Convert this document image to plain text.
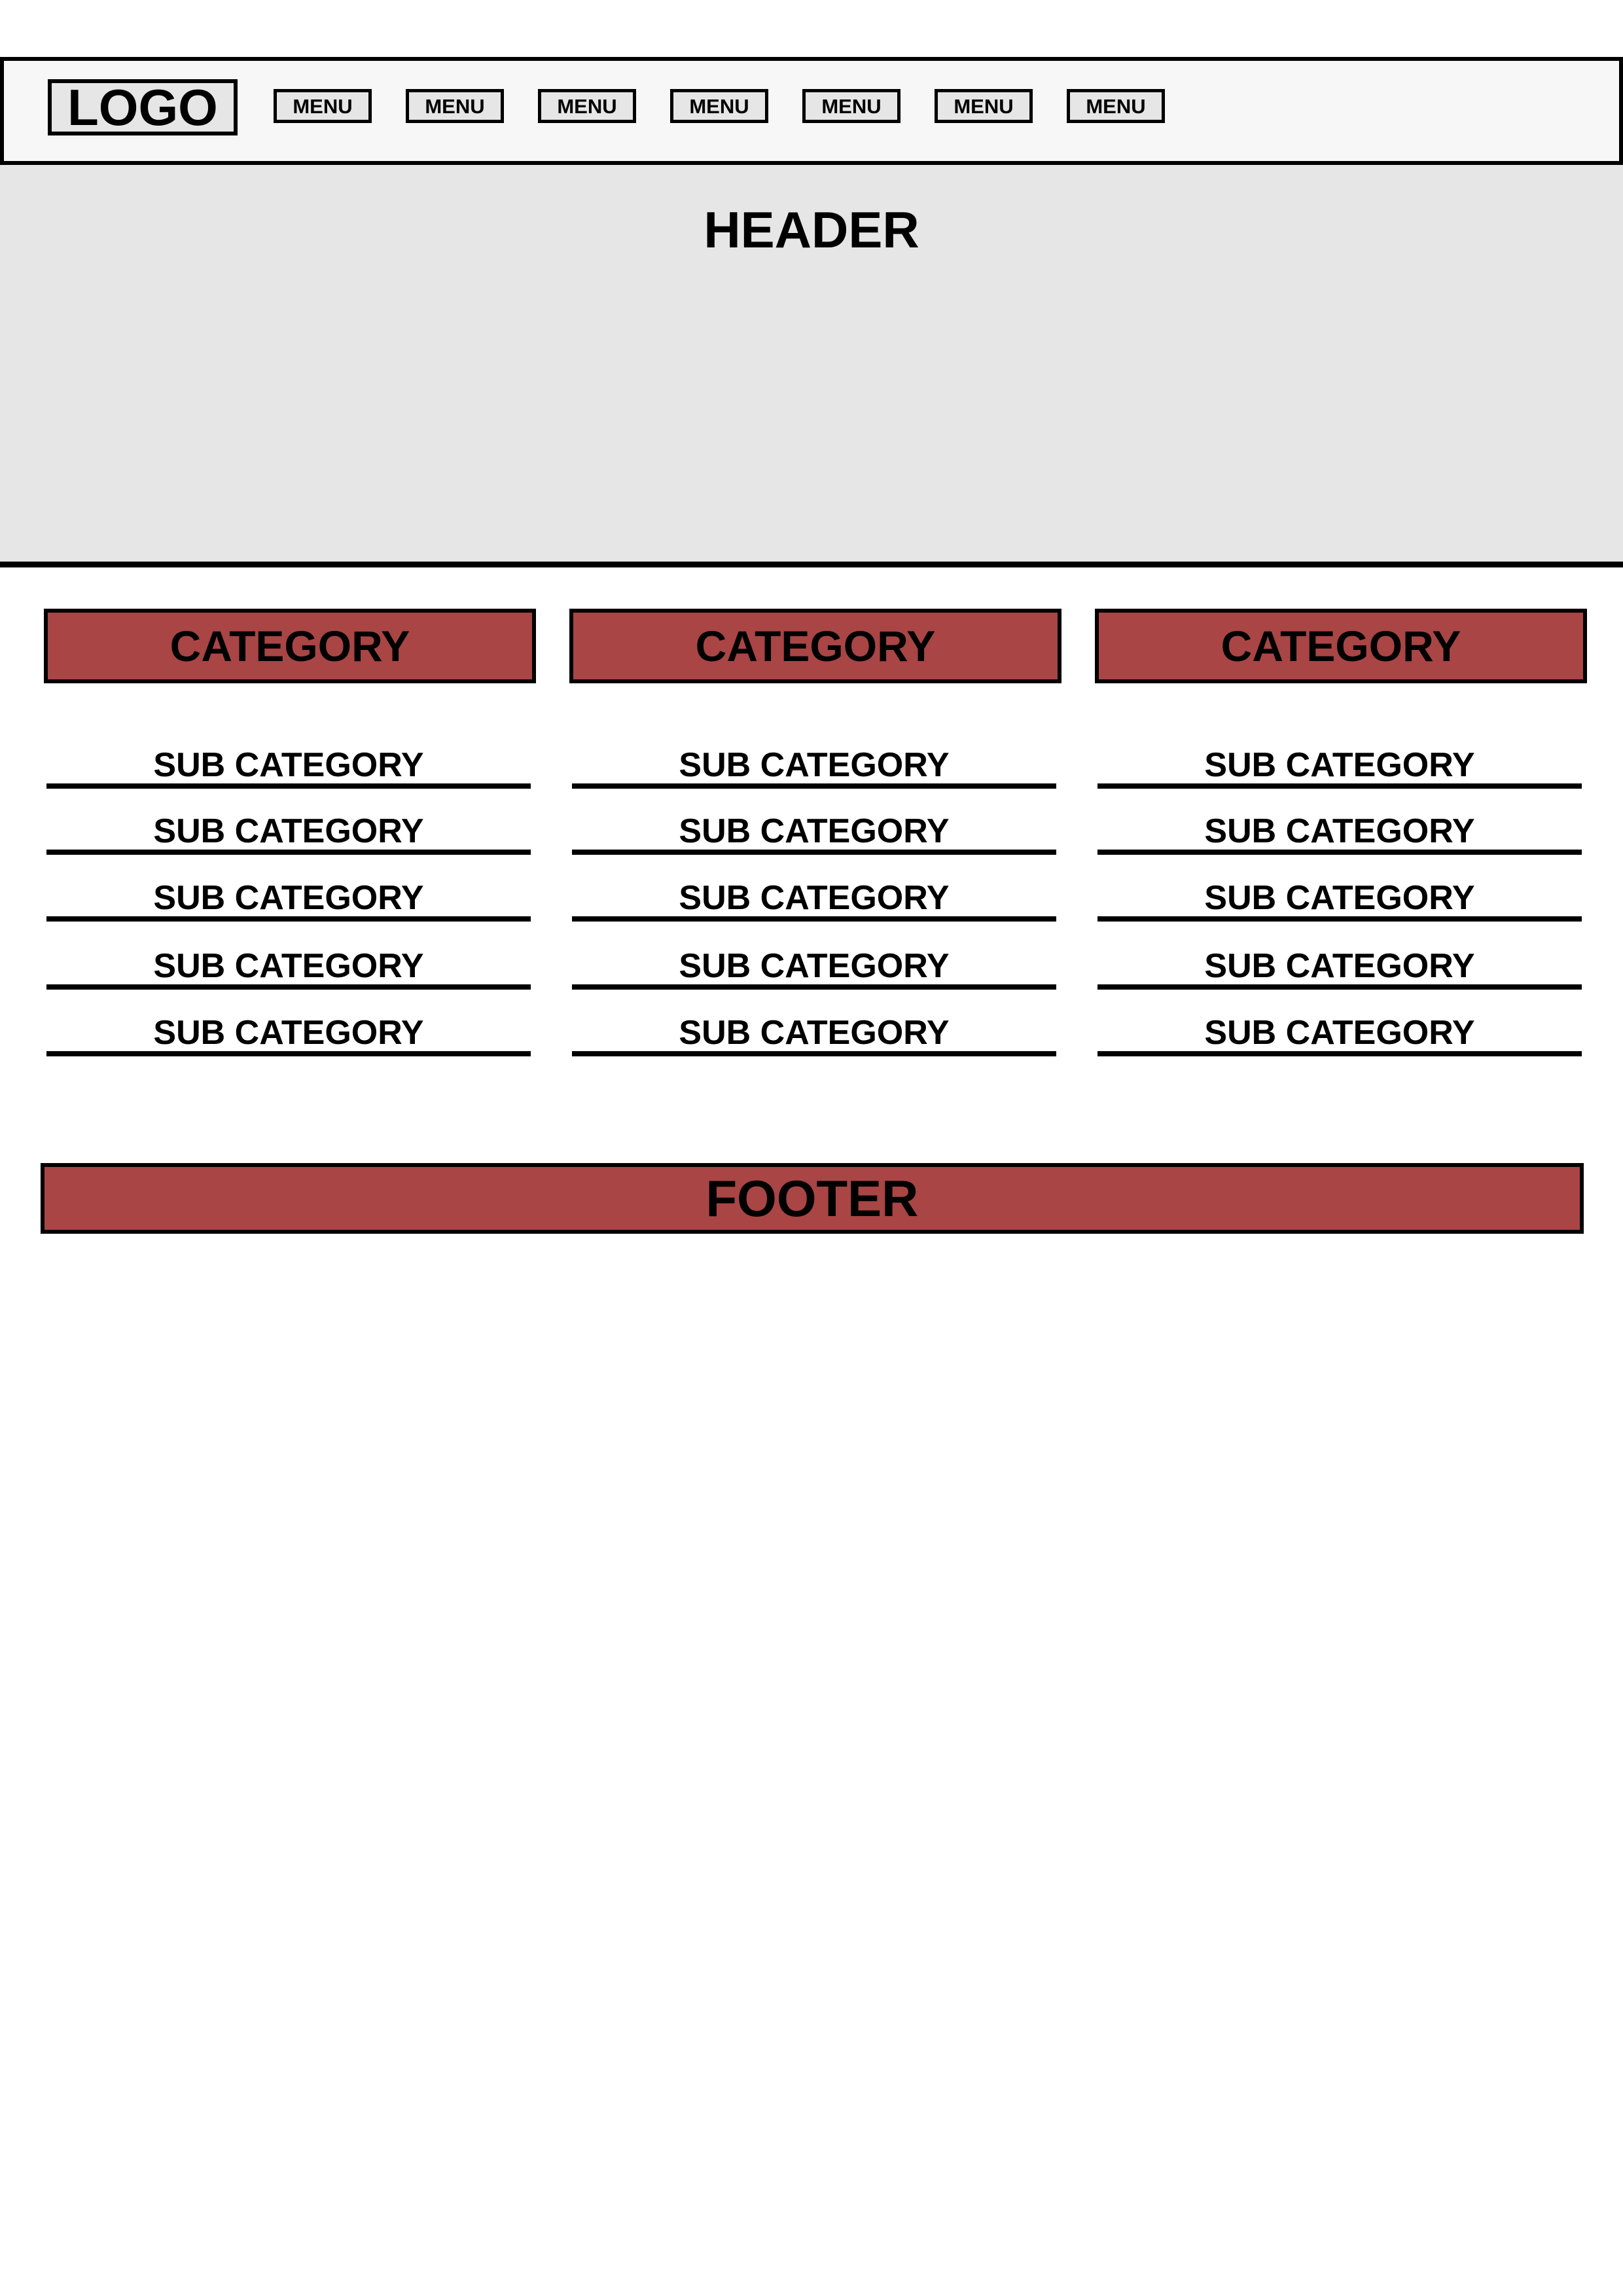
LOGO	MENU	MENU	MENU	MENU	MENU	MENU	MENU
HEADER
CATEGORY
SUB CATEGORY
SUB CATEGORY
SUB CATEGORY
SUB CATEGORY
SUB CATEGORY
CATEGORY
SUB CATEGORY
SUB CATEGORY
SUB CATEGORY
SUB CATEGORY
SUB CATEGORY
CATEGORY
SUB CATEGORY
SUB CATEGORY
SUB CATEGORY
SUB CATEGORY
SUB CATEGORY
FOOTER
